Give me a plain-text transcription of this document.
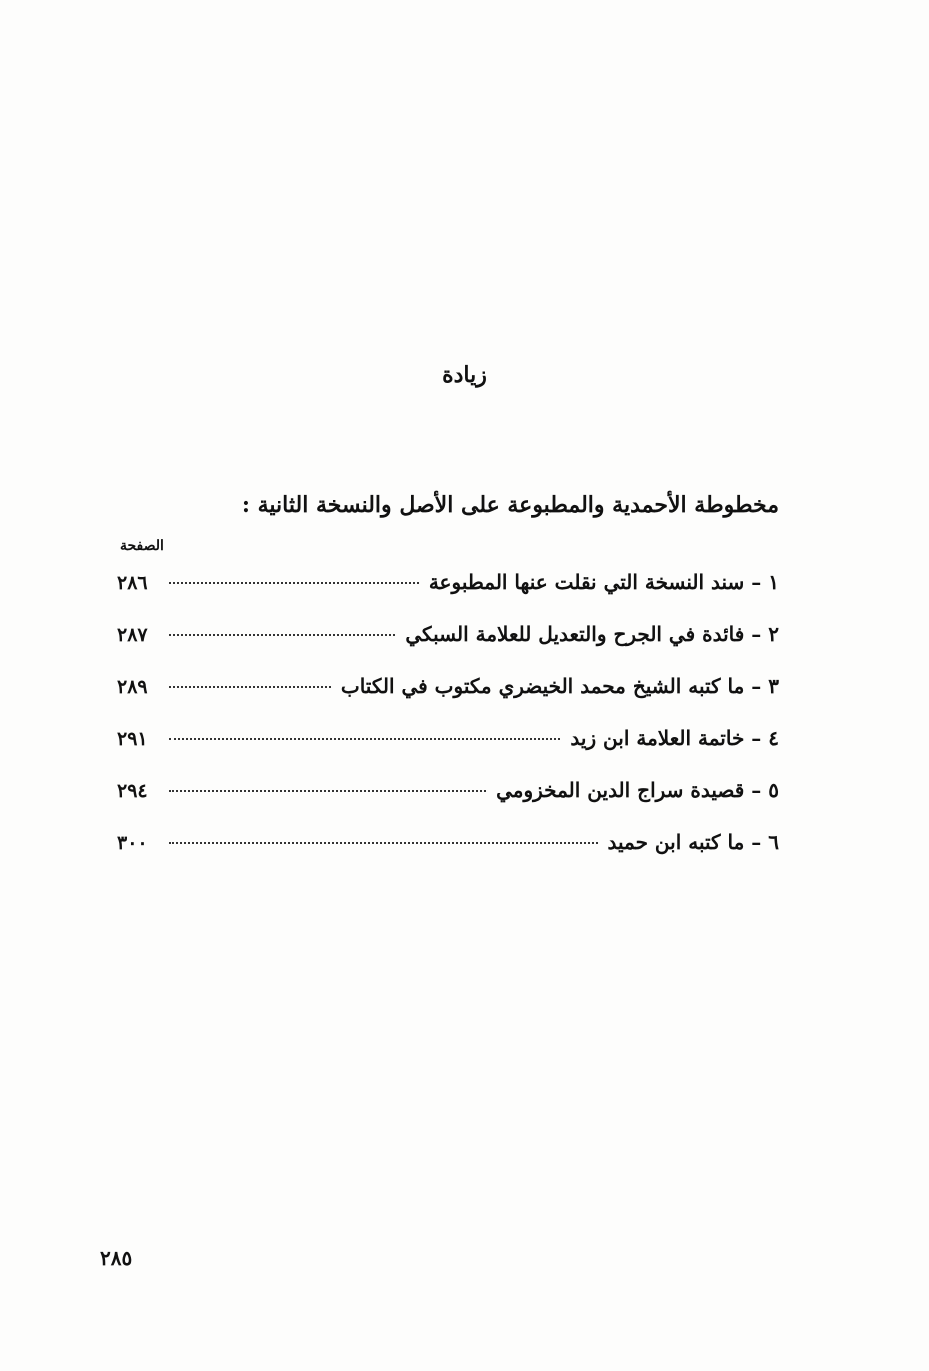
زيادة
مخطوطة الأحمدية والمطبوعة على الأصل والنسخة الثانية :
الصفحة
١ – سند النسخة التي نقلت عنها المطبوعة
٢٨٦
٢ – فائدة في الجرح والتعديل للعلامة السبكي
٢٨٧
٣ – ما كتبه الشيخ محمد الخيضري مكتوب في الكتاب
٢٨٩
٤ – خاتمة العلامة ابن زيد
٢٩١
٥ – قصيدة سراج الدين المخزومي
٢٩٤
٦ – ما كتبه ابن حميد
٣٠٠
٢٨٥
